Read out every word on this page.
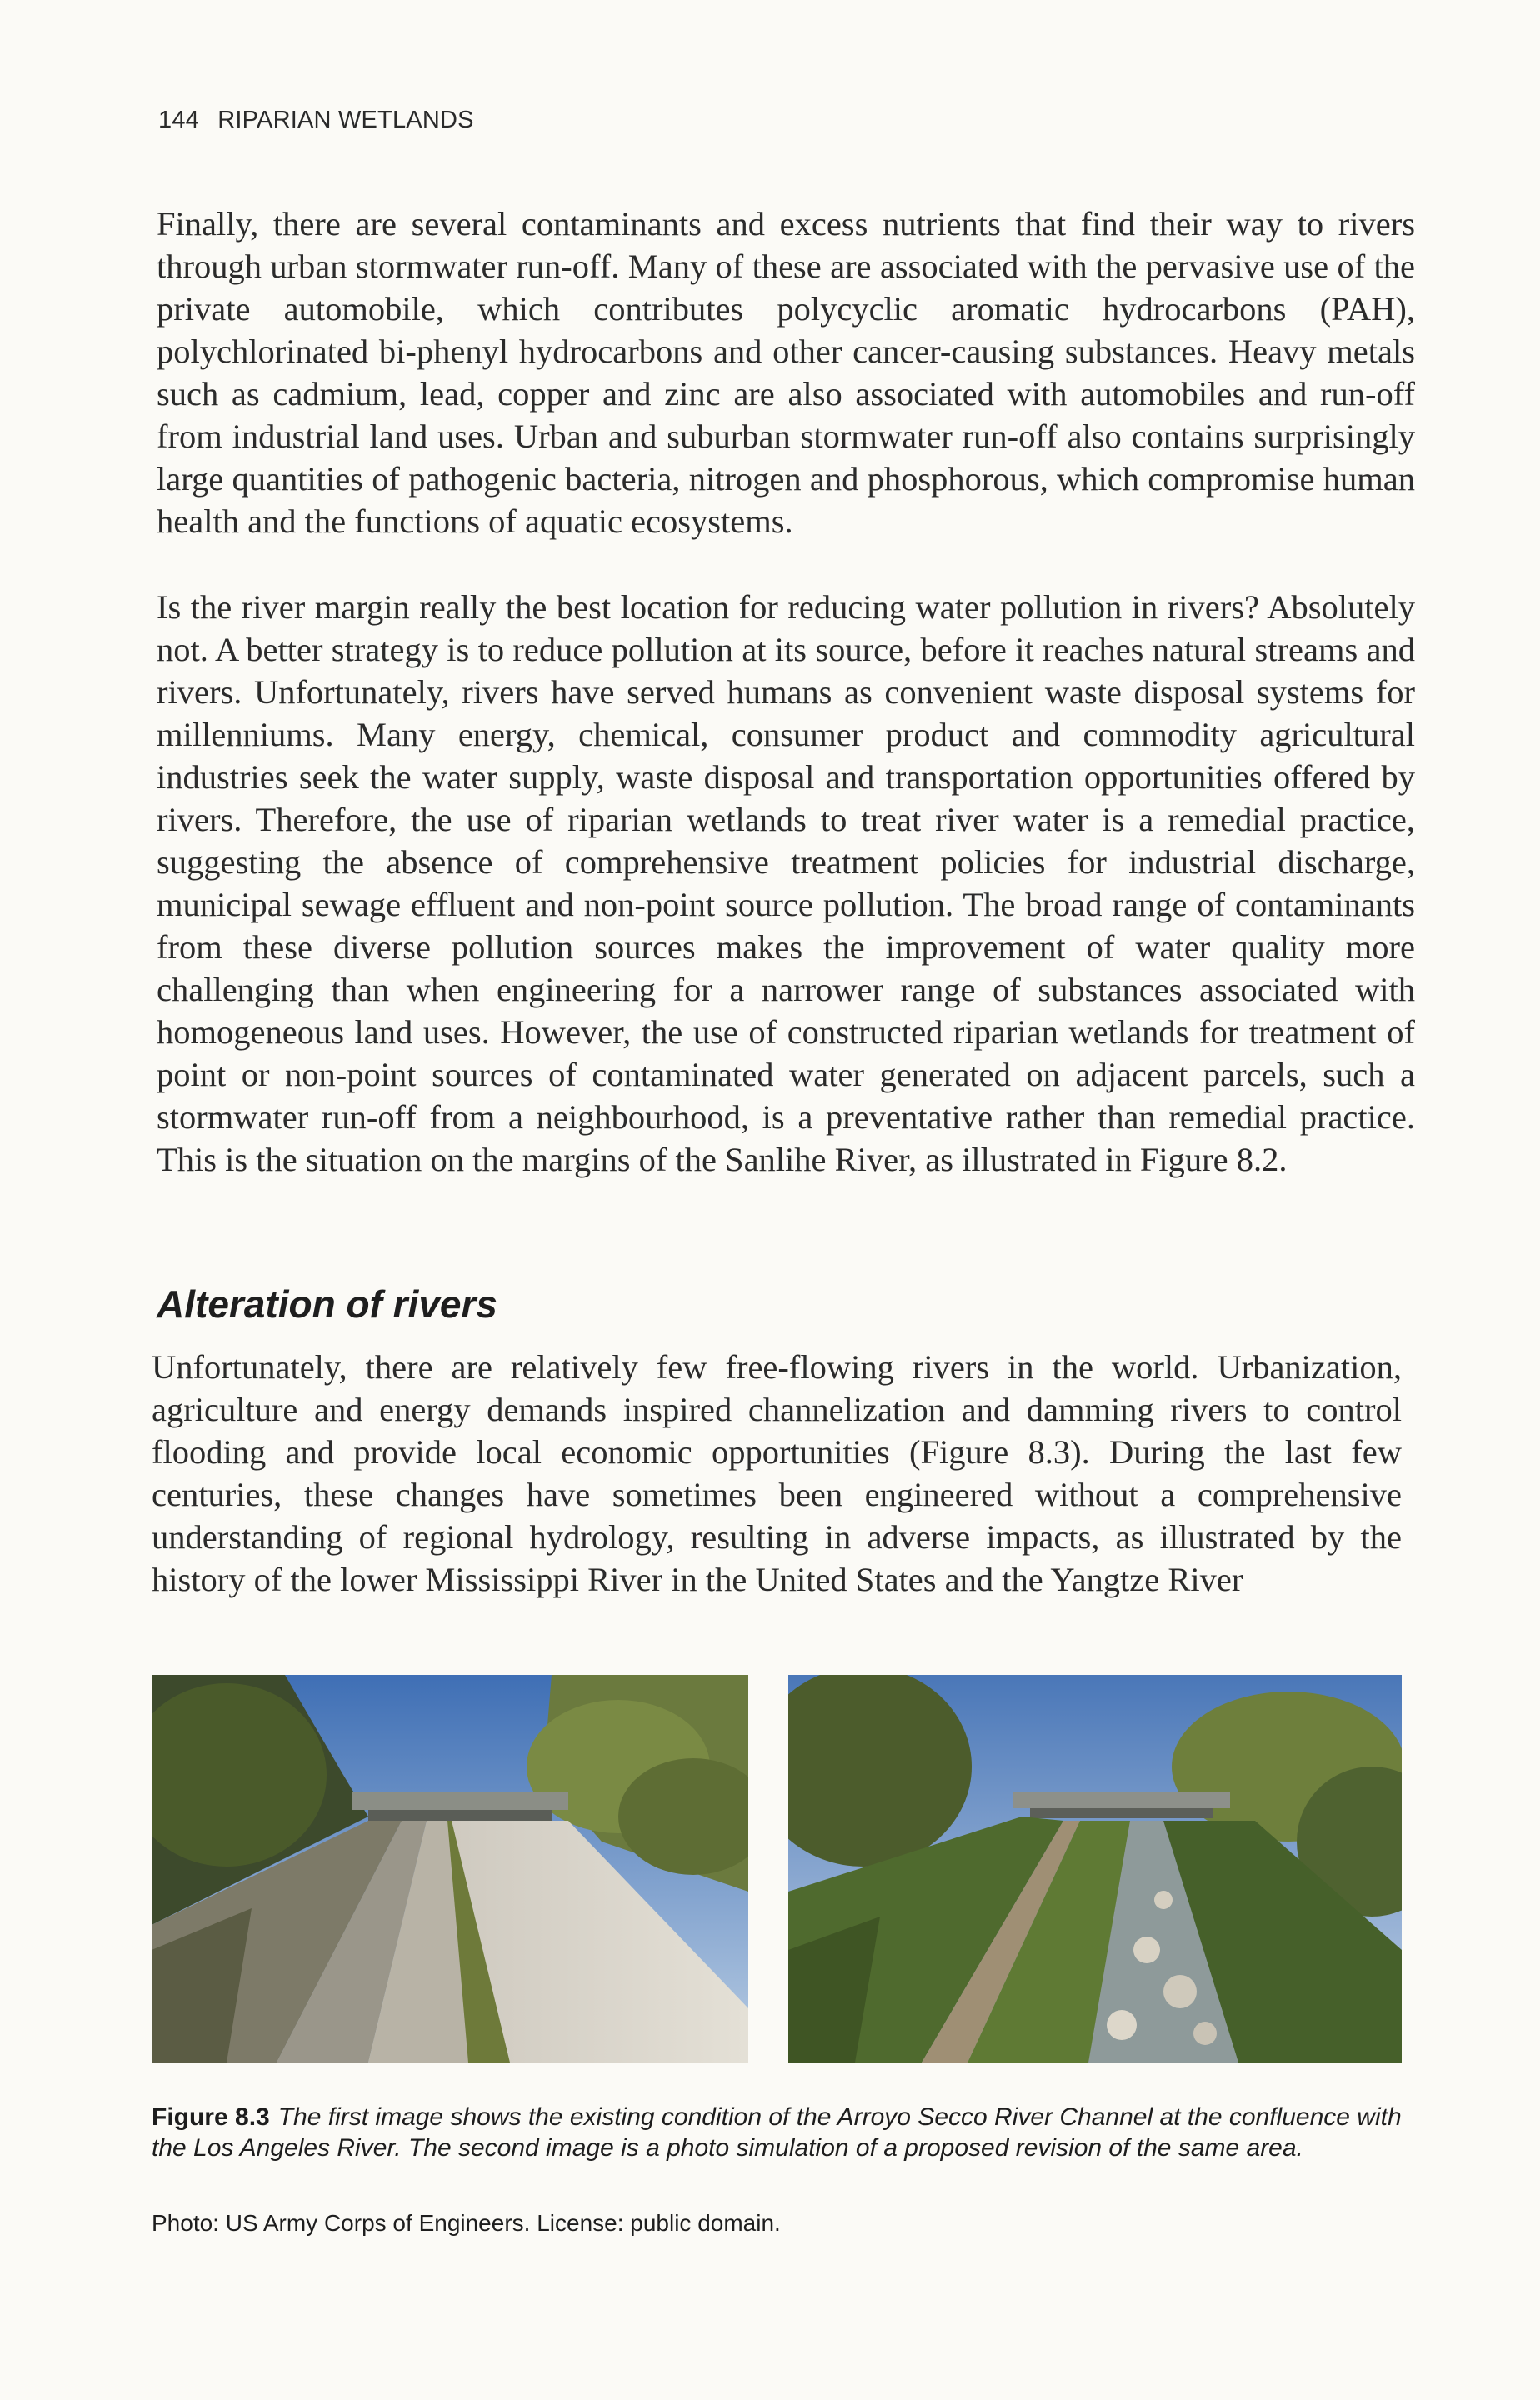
144 RIPARIAN WETLANDS

Finally, there are several contaminants and excess nutrients that find their way to rivers through urban stormwater run-off. Many of these are associated with the pervasive use of the private automobile, which contributes polycyclic aromatic hydrocarbons (PAH), polychlorinated bi-phenyl hydrocarbons and other cancer-causing substances. Heavy metals such as cadmium, lead, copper and zinc are also associated with automobiles and run-off from industrial land uses. Urban and suburban stormwater run-off also contains surprisingly large quantities of pathogenic bacteria, nitrogen and phosphorous, which compromise human health and the functions of aquatic ecosystems.

Is the river margin really the best location for reducing water pollution in rivers? Absolutely not. A better strategy is to reduce pollution at its source, before it reaches natural streams and rivers. Unfortunately, rivers have served humans as convenient waste disposal systems for millenniums. Many energy, chemical, consumer product and commodity agricultural industries seek the water supply, waste disposal and transportation opportunities offered by rivers. Therefore, the use of riparian wetlands to treat river water is a remedial practice, suggesting the absence of comprehensive treatment policies for industrial discharge, municipal sewage effluent and non-point source pollution. The broad range of contaminants from these diverse pollution sources makes the improvement of water quality more challenging than when engineering for a narrower range of substances associated with homogeneous land uses. However, the use of constructed riparian wetlands for treatment of point or non-point sources of contaminated water generated on adjacent parcels, such a stormwater run-off from a neighbourhood, is a preventative rather than remedial practice. This is the situation on the margins of the Sanlihe River, as illustrated in Figure 8.2.

Alteration of rivers

Unfortunately, there are relatively few free-flowing rivers in the world. Urbanization, agriculture and energy demands inspired channelization and damming rivers to control flooding and provide local economic opportunities (Figure 8.3). During the last few centuries, these changes have sometimes been engineered without a comprehensive understanding of regional hydrology, resulting in adverse impacts, as illustrated by the history of the lower Mississippi River in the United States and the Yangtze River

Figure 8.3 The first image shows the existing condition of the Arroyo Secco River Channel at the confluence with the Los Angeles River. The second image is a photo simulation of a proposed revision of the same area.
Photo: US Army Corps of Engineers. License: public domain.
